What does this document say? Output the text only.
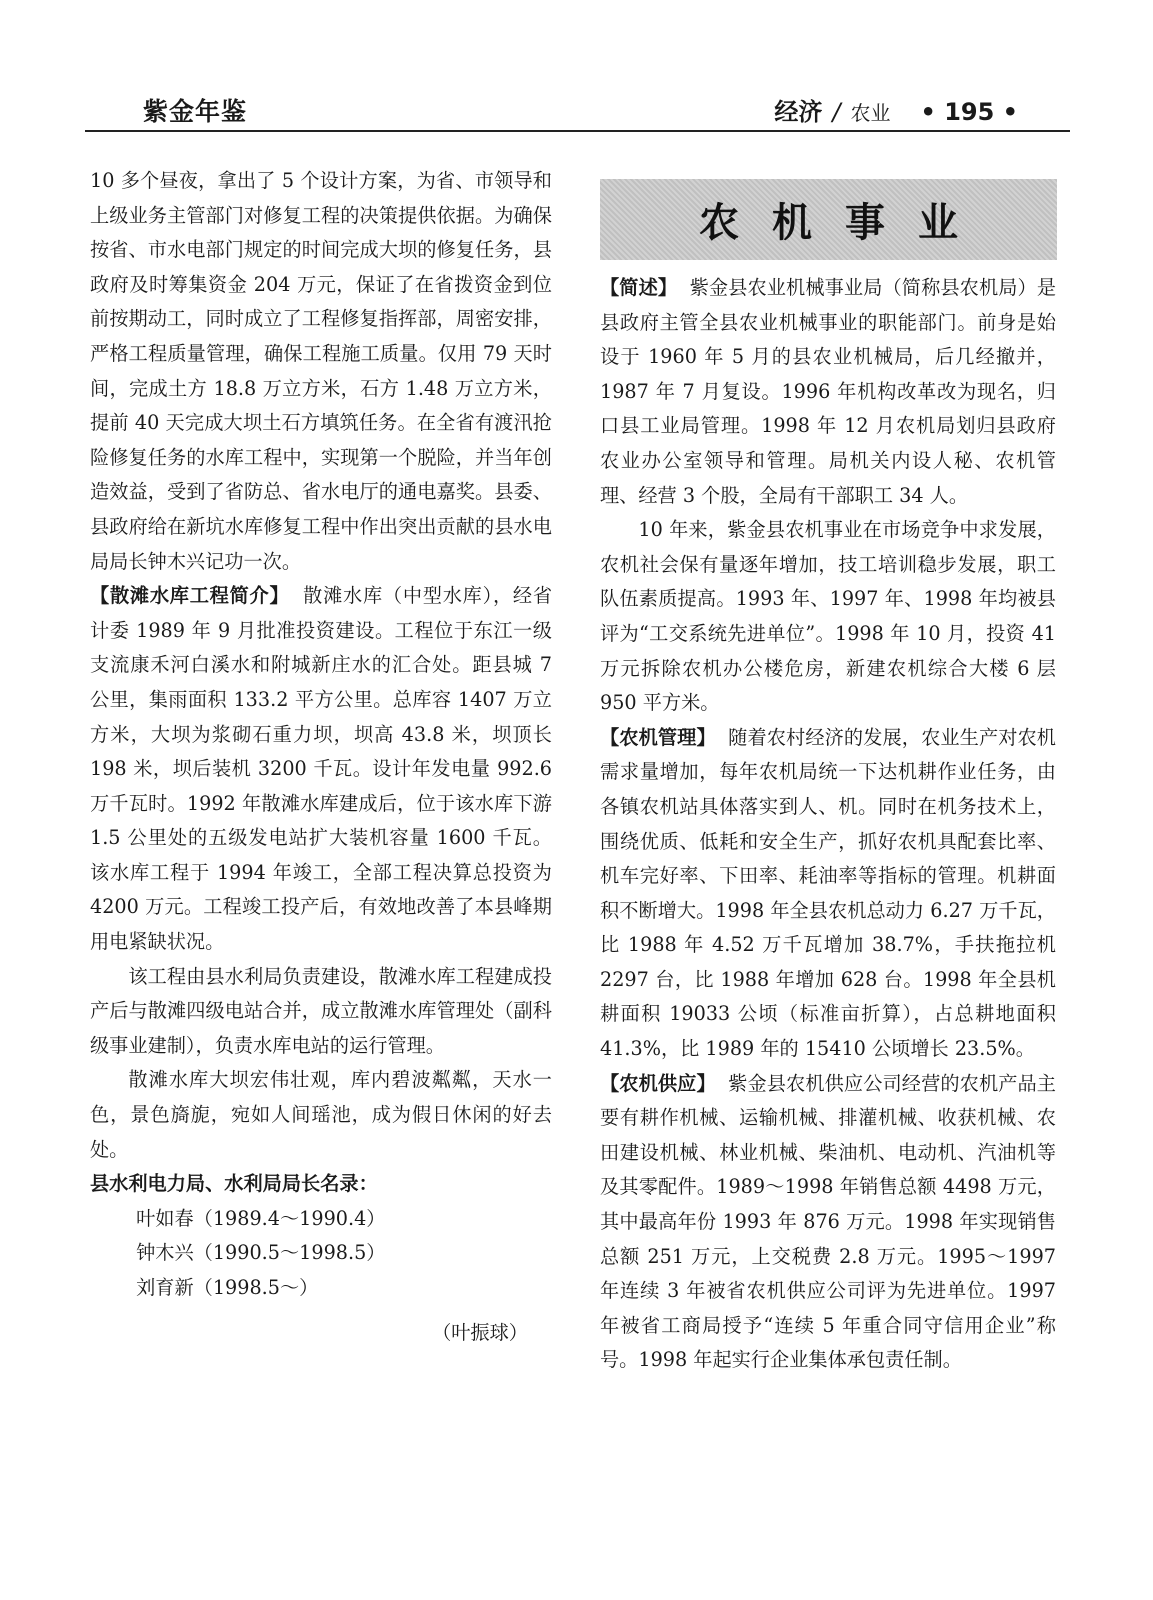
紫金年鉴	经济 / 农业 • 195 •

10 多个昼夜，拿出了 5 个设计方案，为省、市领导和上级业务主管部门对修复工程的决策提供依据。为确保按省、市水电部门规定的时间完成大坝的修复任务，县政府及时筹集资金 204 万元，保证了在省拨资金到位前按期动工，同时成立了工程修复指挥部，周密安排，严格工程质量管理，确保工程施工质量。仅用 79 天时间，完成土方 18.8 万立方米，石方 1.48 万立方米，提前 40 天完成大坝土石方填筑任务。在全省有渡汛抢险修复任务的水库工程中，实现第一个脱险，并当年创造效益，受到了省防总、省水电厅的通电嘉奖。县委、县政府给在新坑水库修复工程中作出突出贡献的县水电局局长钟木兴记功一次。

【散滩水库工程简介】 散滩水库（中型水库），经省计委 1989 年 9 月批准投资建设。工程位于东江一级支流康禾河白溪水和附城新庄水的汇合处。距县城 7 公里，集雨面积 133.2 平方公里。总库容 1407 万立方米，大坝为浆砌石重力坝，坝高 43.8 米，坝顶长 198 米，坝后装机 3200 千瓦。设计年发电量 992.6 万千瓦时。1992 年散滩水库建成后，位于该水库下游 1.5 公里处的五级发电站扩大装机容量 1600 千瓦。该水库工程于 1994 年竣工，全部工程决算总投资为 4200 万元。工程竣工投产后，有效地改善了本县峰期用电紧缺状况。

该工程由县水利局负责建设，散滩水库工程建成投产后与散滩四级电站合并，成立散滩水库管理处（副科级事业建制），负责水库电站的运行管理。

散滩水库大坝宏伟壮观，库内碧波粼粼，天水一色，景色旖旎，宛如人间瑶池，成为假日休闲的好去处。

县水利电力局、水利局局长名录：
叶如春（1989.4～1990.4）
钟木兴（1990.5～1998.5）
刘育新（1998.5～）
（叶振球）
农机事业

【简述】 紫金县农业机械事业局（简称县农机局）是县政府主管全县农业机械事业的职能部门。前身是始设于 1960 年 5 月的县农业机械局，后几经撤并，1987 年 7 月复设。1996 年机构改革改为现名，归口县工业局管理。1998 年 12 月农机局划归县政府农业办公室领导和管理。局机关内设人秘、农机管理、经营 3 个股，全局有干部职工 34 人。

10 年来，紫金县农机事业在市场竞争中求发展，农机社会保有量逐年增加，技工培训稳步发展，职工队伍素质提高。1993 年、1997 年、1998 年均被县评为“工交系统先进单位”。1998 年 10 月，投资 41 万元拆除农机办公楼危房，新建农机综合大楼 6 层 950 平方米。

【农机管理】 随着农村经济的发展，农业生产对农机需求量增加，每年农机局统一下达机耕作业任务，由各镇农机站具体落实到人、机。同时在机务技术上，围绕优质、低耗和安全生产，抓好农机具配套比率、机车完好率、下田率、耗油率等指标的管理。机耕面积不断增大。1998 年全县农机总动力 6.27 万千瓦，比 1988 年 4.52 万千瓦增加 38.7%，手扶拖拉机 2297 台，比 1988 年增加 628 台。1998 年全县机耕面积 19033 公顷（标准亩折算），占总耕地面积 41.3%，比 1989 年的 15410 公顷增长 23.5%。

【农机供应】 紫金县农机供应公司经营的农机产品主要有耕作机械、运输机械、排灌机械、收获机械、农田建设机械、林业机械、柴油机、电动机、汽油机等及其零配件。1989～1998 年销售总额 4498 万元，其中最高年份 1993 年 876 万元。1998 年实现销售总额 251 万元，上交税费 2.8 万元。1995～1997 年连续 3 年被省农机供应公司评为先进单位。1997 年被省工商局授予“连续 5 年重合同守信用企业”称号。1998 年起实行企业集体承包责任制。
